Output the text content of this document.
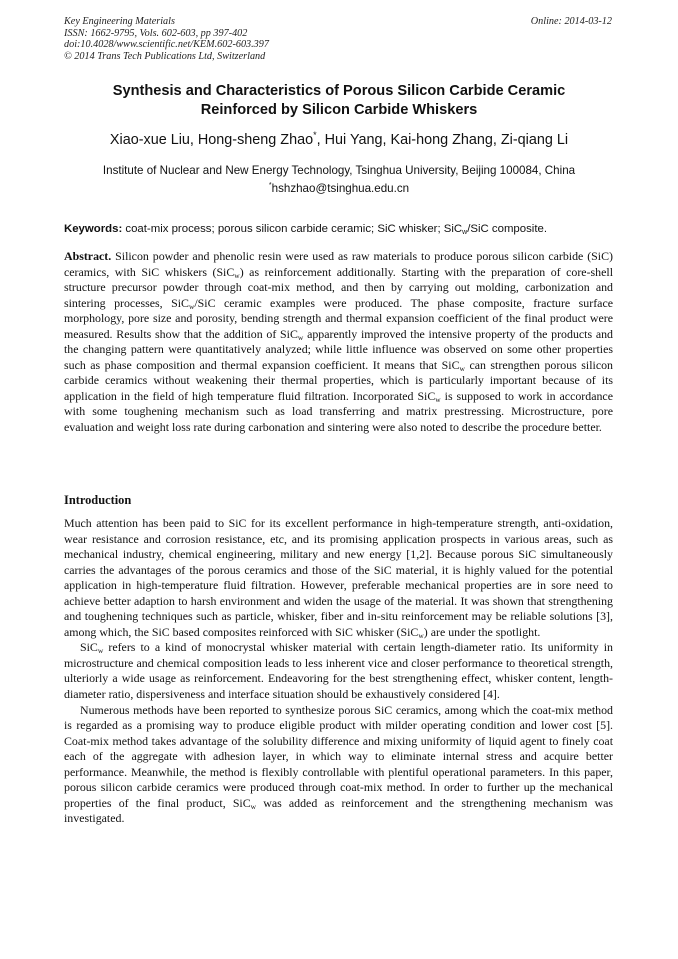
Key Engineering Materials
ISSN: 1662-9795, Vols. 602-603, pp 397-402
doi:10.4028/www.scientific.net/KEM.602-603.397
© 2014 Trans Tech Publications Ltd, Switzerland
Online: 2014-03-12
Synthesis and Characteristics of Porous Silicon Carbide Ceramic
Reinforced by Silicon Carbide Whiskers
Xiao-xue Liu, Hong-sheng Zhao*, Hui Yang, Kai-hong Zhang, Zi-qiang Li
Institute of Nuclear and New Energy Technology, Tsinghua University, Beijing 100084, China
*hshzhao@tsinghua.edu.cn
Keywords: coat-mix process; porous silicon carbide ceramic; SiC whisker; SiC$_w$/SiC composite.
Abstract. Silicon powder and phenolic resin were used as raw materials to produce porous silicon carbide (SiC) ceramics, with SiC whiskers (SiC$_w$) as reinforcement additionally. Starting with the preparation of core-shell structure precursor powder through coat-mix method, and then by carrying out molding, carbonization and sintering processes, SiC$_w$/SiC ceramic examples were produced. The phase composite, fracture surface morphology, pore size and porosity, bending strength and thermal expansion coefficient of the final product were measured. Results show that the addition of SiC$_w$ apparently improved the intensive property of the products and the changing pattern were quantitatively analyzed; while little influence was observed on some other properties such as phase composition and thermal expansion coefficient. It means that SiC$_w$ can strengthen porous silicon carbide ceramics without weakening their thermal properties, which is particularly important because of its application in the field of high temperature fluid filtration. Incorporated SiC$_w$ is supposed to work in accordance with some toughening mechanism such as load transferring and matrix prestressing. Microstructure, pore evaluation and weight loss rate during carbonation and sintering were also noted to describe the procedure better.
Introduction

Much attention has been paid to SiC for its excellent performance in high-temperature strength, anti-oxidation, wear resistance and corrosion resistance, etc, and its promising application prospects in various areas, such as mechanical industry, chemical engineering, military and new energy [1,2]. Because porous SiC simultaneously carries the advantages of the porous ceramics and those of the SiC material, it is highly valued for the potential application in high-temperature fluid filtration. However, preferable mechanical properties are in sore need to achieve better adaption to harsh environment and widen the usage of the material. It was shown that strengthening and toughening techniques such as particle, whisker, fiber and in-situ reinforcement may be reliable solutions [3], among which, the SiC based composites reinforced with SiC whisker (SiC$_w$) are under the spotlight.

SiC$_w$ refers to a kind of monocrystal whisker material with certain length-diameter ratio. Its uniformity in microstructure and chemical composition leads to less inherent vice and closer performance to theoretical strength, ulteriorly a wide usage as reinforcement. Endeavoring for the best strengthening effect, whisker content, length-diameter ratio, dispersiveness and interface situation should be exhaustively considered [4].

Numerous methods have been reported to synthesize porous SiC ceramics, among which the coat-mix method is regarded as a promising way to produce eligible product with milder operating condition and lower cost [5]. Coat-mix method takes advantage of the solubility difference and mixing uniformity of liquid agent to finely coat each of the aggregate with adhesion layer, in which way to eliminate internal stress and acquire better performance. Meanwhile, the method is flexibly controllable with plentiful operational parameters. In this paper, porous silicon carbide ceramics were produced through coat-mix method. In order to further up the mechanical properties of the final product, SiC$_w$ was added as reinforcement and the strengthening mechanism was investigated.
